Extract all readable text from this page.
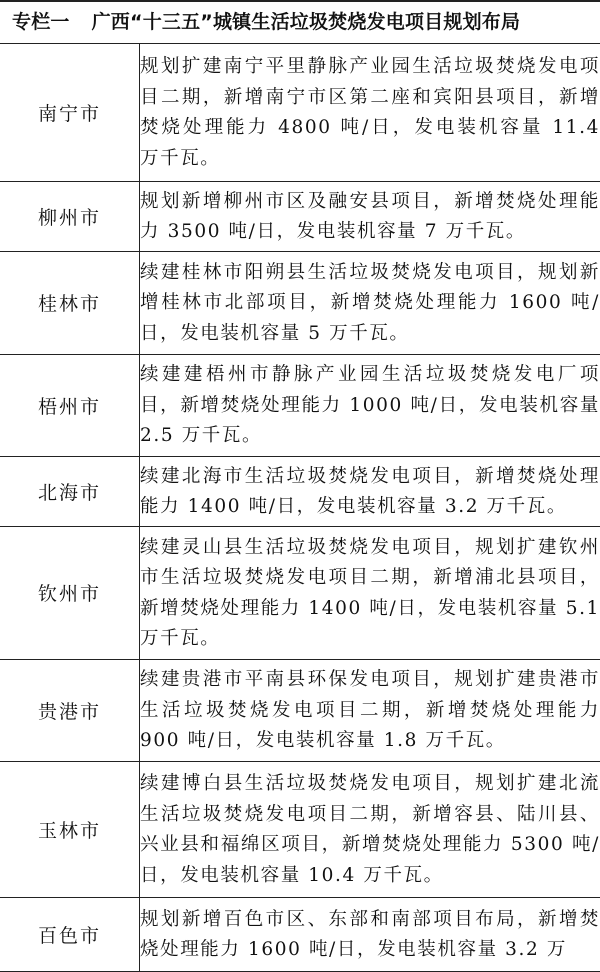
专栏一 广西“十三五”城镇生活垃圾焚烧发电项目规划布局
南宁市	规划扩建南宁平里静脉产业园生活垃圾焚烧发电项目二期，新增南宁市区第二座和宾阳县项目，新增焚烧处理能力 4800 吨/日，发电装机容量 11.4 万千瓦。

柳州市	规划新增柳州市区及融安县项目，新增焚烧处理能力 3500 吨/日，发电装机容量 7 万千瓦。

桂林市	续建桂林市阳朔县生活垃圾焚烧发电项目，规划新增桂林市北部项目，新增焚烧处理能力 1600 吨/日，发电装机容量 5 万千瓦。

梧州市	续建建梧州市静脉产业园生活垃圾焚烧发电厂项目，新增焚烧处理能力 1000 吨/日，发电装机容量 2.5 万千瓦。

北海市	续建北海市生活垃圾焚烧发电项目，新增焚烧处理能力 1400 吨/日，发电装机容量 3.2 万千瓦。

钦州市	续建灵山县生活垃圾焚烧发电项目，规划扩建钦州市生活垃圾焚烧发电项目二期，新增浦北县项目，新增焚烧处理能力 1400 吨/日，发电装机容量 5.1 万千瓦。

贵港市	续建贵港市平南县环保发电项目，规划扩建贵港市生活垃圾焚烧发电项目二期，新增焚烧处理能力 900 吨/日，发电装机容量 1.8 万千瓦。

玉林市	续建博白县生活垃圾焚烧发电项目，规划扩建北流生活垃圾焚烧发电项目二期，新增容县、陆川县、兴业县和福绵区项目，新增焚烧处理能力 5300 吨/日，发电装机容量 10.4 万千瓦。

百色市	规划新增百色市区、东部和南部项目布局，新增焚烧处理能力 1600 吨/日，发电装机容量 3.2 万
